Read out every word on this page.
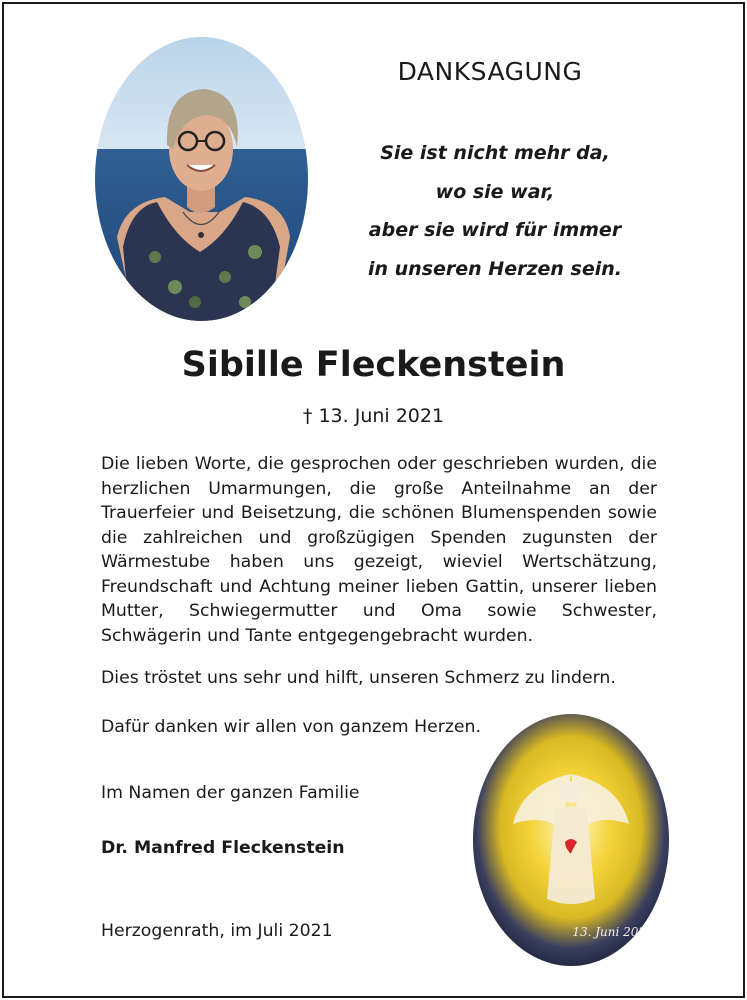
DANKSAGUNG
Sie ist nicht mehr da,
wo sie war,
aber sie wird für immer
in unseren Herzen sein.
Sibille Fleckenstein
† 13. Juni 2021
Die lieben Worte, die gesprochen oder geschrieben wurden, die herzlichen Umarmungen, die große Anteilnahme an der Trauerfeier und Beisetzung, die schönen Blumenspenden sowie die zahlreichen und großzügigen Spenden zugunsten der Wärmestube haben uns gezeigt, wieviel Wertschätzung, Freundschaft und Achtung meiner lieben Gattin, unserer lieben Mutter, Schwiegermutter und Oma sowie Schwester, Schwägerin und Tante entgegengebracht wurden.
Dies tröstet uns sehr und hilft, unseren Schmerz zu lindern.
Dafür danken wir allen von ganzem Herzen.
Im Namen der ganzen Familie
Dr. Manfred Fleckenstein
Herzogenrath, im Juli 2021	13. Juni 2021
